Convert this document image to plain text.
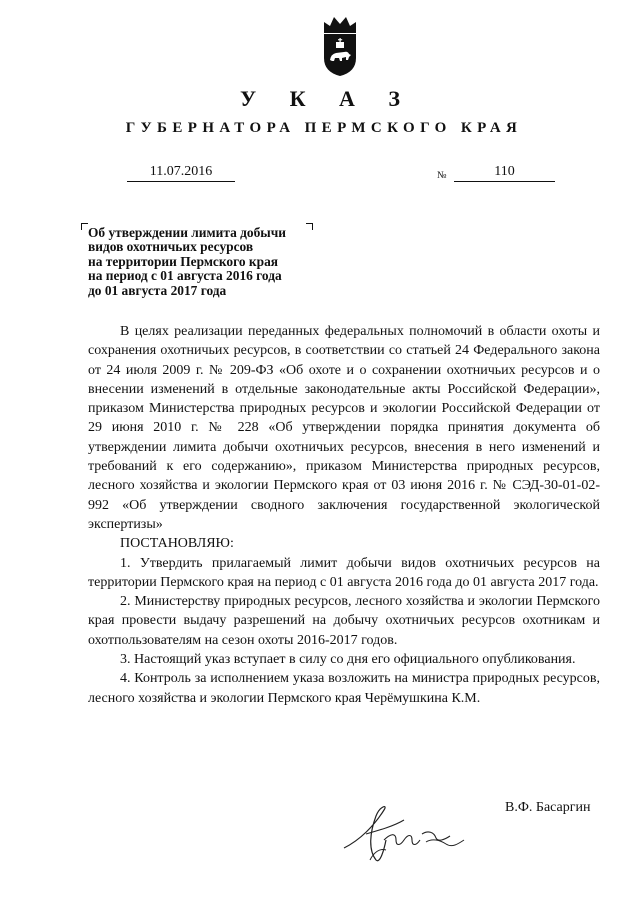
У К А З
ГУБЕРНАТОРА ПЕРМСКОГО КРАЯ
11.07.2016	№	110
Об утверждении лимита добычи
видов охотничьих ресурсов
на территории Пермского края
на период с 01 августа 2016 года
до 01 августа 2017 года

В целях реализации переданных федеральных полномочий в области охоты и сохранения охотничьих ресурсов, в соответствии со статьей 24 Федерального закона от 24 июля 2009 г. № 209-ФЗ «Об охоте и о сохранении охотничьих ресурсов и о внесении изменений в отдельные законодательные акты Российской Федерации», приказом Министерства природных ресурсов и экологии Российской Федерации от 29 июня 2010 г. № 228 «Об утверждении порядка принятия документа об утверждении лимита добычи охотничьих ресурсов, внесения в него изменений и требований к его содержанию», приказом Министерства природных ресурсов, лесного хозяйства и экологии Пермского края от 03 июня 2016 г. № СЭД-30-01-02-992 «Об утверждении сводного заключения государственной экологической экспертизы»

ПОСТАНОВЛЯЮ:

1. Утвердить прилагаемый лимит добычи видов охотничьих ресурсов на территории Пермского края на период с 01 августа 2016 года до 01 августа 2017 года.

2. Министерству природных ресурсов, лесного хозяйства и экологии Пермского края провести выдачу разрешений на добычу охотничьих ресурсов охотникам и охотпользователям на сезон охоты 2016-2017 годов.

3. Настоящий указ вступает в силу со дня его официального опубликования.

4. Контроль за исполнением указа возложить на министра природных ресурсов, лесного хозяйства и экологии Пермского края Черёмушкина К.М.

В.Ф. Басаргин
